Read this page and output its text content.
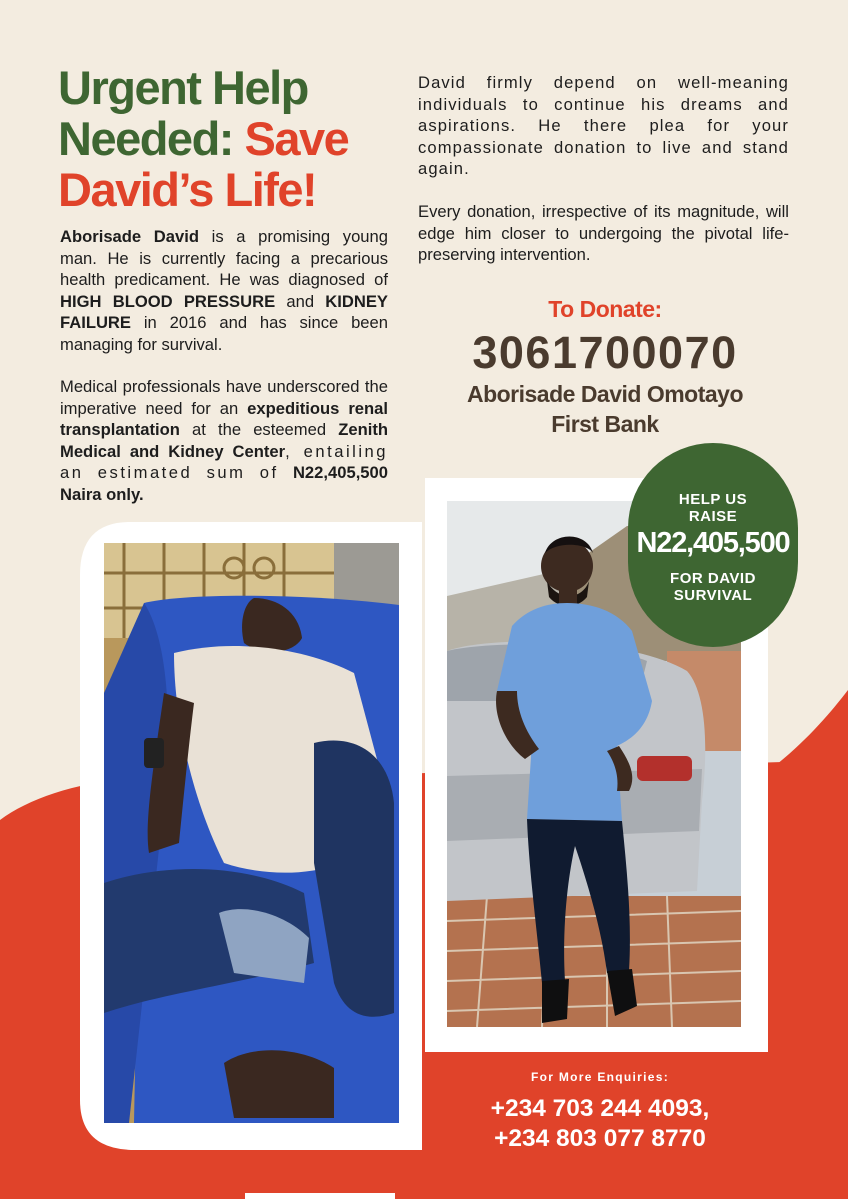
Urgent Help
Needed: Save
David’s Life!

Aborisade David is a promising young man. He is currently facing a precarious health predicament. He was diagnosed of HIGH BLOOD PRESSURE and KIDNEY FAILURE in 2016 and has since been managing for survival.

Medical professionals have underscored the imperative need for an expeditious renal transplantation at the esteemed Zenith Medical and Kidney Center, entailing an estimated sum of N22,405,500 Naira only.

David firmly depend on well-meaning individuals to continue his dreams and aspirations. He there plea for your compassionate donation to live and stand again.

Every donation, irrespective of its magnitude, will edge him closer to undergoing the pivotal life-preserving intervention.

To Donate:
3061700070
Aborisade David Omotayo
First Bank
HELP US
RAISE
N22,405,500
FOR DAVID
SURVIVAL
For More Enquiries:
+234 703 244 4093,
+234 803 077 8770
